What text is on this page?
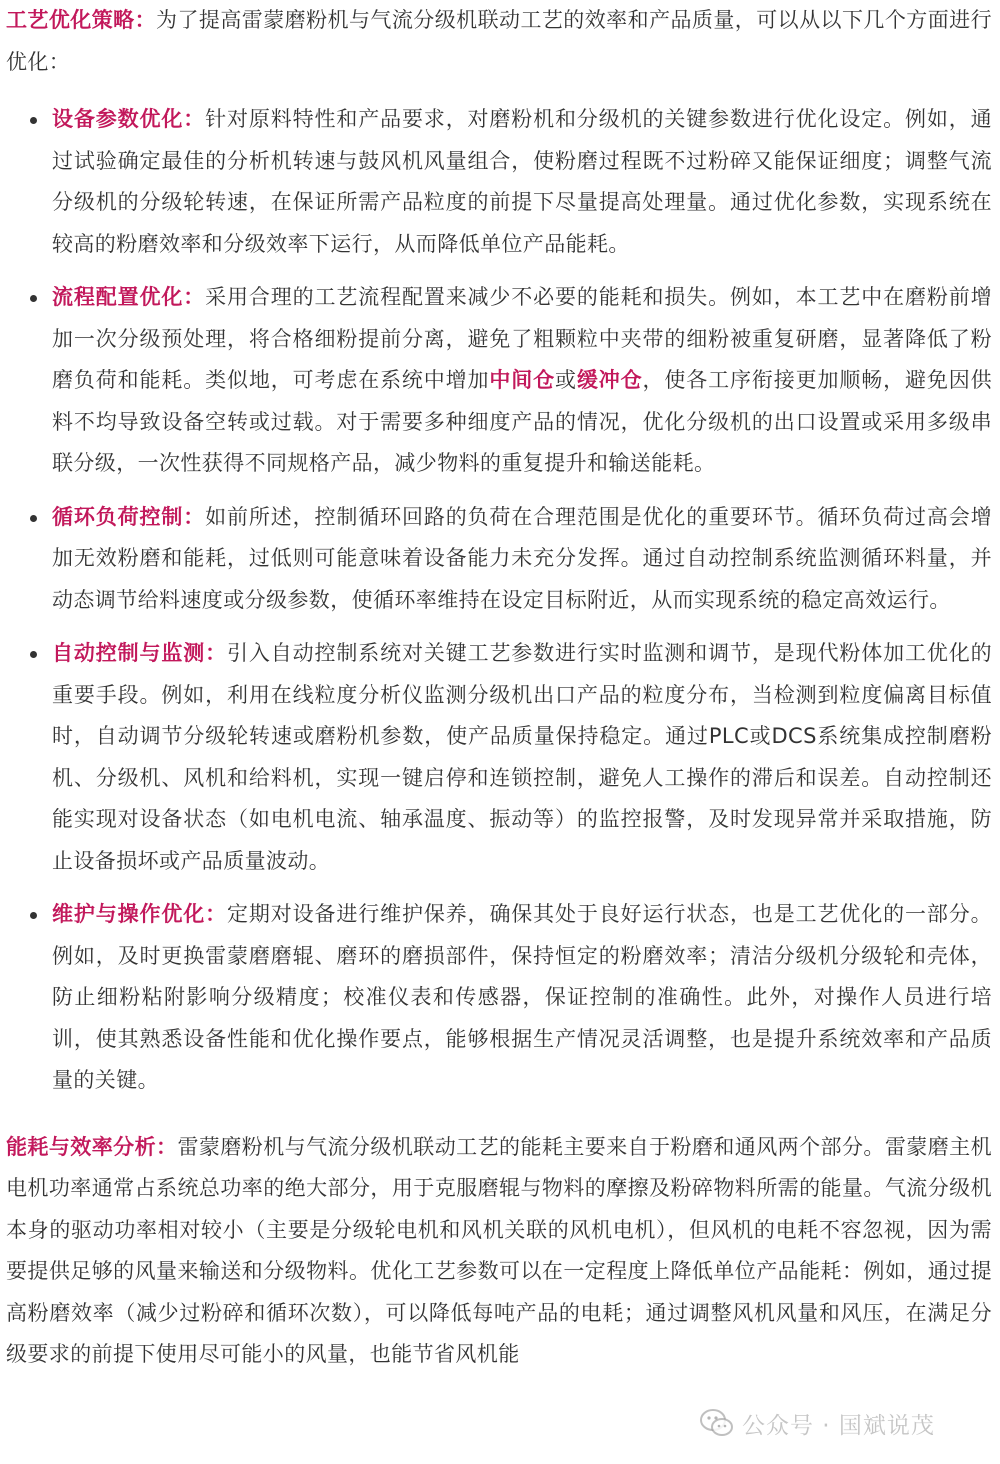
工艺优化策略：为了提高雷蒙磨粉机与气流分级机联动工艺的效率和产品质量，可以从以下几个方面进行优化：

设备参数优化：针对原料特性和产品要求，对磨粉机和分级机的关键参数进行优化设定。例如，通过试验确定最佳的分析机转速与鼓风机风量组合，使粉磨过程既不过粉碎又能保证细度；调整气流分级机的分级轮转速，在保证所需产品粒度的前提下尽量提高处理量。通过优化参数，实现系统在较高的粉磨效率和分级效率下运行，从而降低单位产品能耗。
流程配置优化：采用合理的工艺流程配置来减少不必要的能耗和损失。例如，本工艺中在磨粉前增加一次分级预处理，将合格细粉提前分离，避免了粗颗粒中夹带的细粉被重复研磨，显著降低了粉磨负荷和能耗。类似地，可考虑在系统中增加中间仓或缓冲仓，使各工序衔接更加顺畅，避免因供料不均导致设备空转或过载。对于需要多种细度产品的情况，优化分级机的出口设置或采用多级串联分级，一次性获得不同规格产品，减少物料的重复提升和输送能耗。
循环负荷控制：如前所述，控制循环回路的负荷在合理范围是优化的重要环节。循环负荷过高会增加无效粉磨和能耗，过低则可能意味着设备能力未充分发挥。通过自动控制系统监测循环料量，并动态调节给料速度或分级参数，使循环率维持在设定目标附近，从而实现系统的稳定高效运行。
自动控制与监测：引入自动控制系统对关键工艺参数进行实时监测和调节，是现代粉体加工优化的重要手段。例如，利用在线粒度分析仪监测分级机出口产品的粒度分布，当检测到粒度偏离目标值时，自动调节分级轮转速或磨粉机参数，使产品质量保持稳定。通过PLC或DCS系统集成控制磨粉机、分级机、风机和给料机，实现一键启停和连锁控制，避免人工操作的滞后和误差。自动控制还能实现对设备状态（如电机电流、轴承温度、振动等）的监控报警，及时发现异常并采取措施，防止设备损坏或产品质量波动。
维护与操作优化：定期对设备进行维护保养，确保其处于良好运行状态，也是工艺优化的一部分。例如，及时更换雷蒙磨磨辊、磨环的磨损部件，保持恒定的粉磨效率；清洁分级机分级轮和壳体，防止细粉粘附影响分级精度；校准仪表和传感器，保证控制的准确性。此外，对操作人员进行培训，使其熟悉设备性能和优化操作要点，能够根据生产情况灵活调整，也是提升系统效率和产品质量的关键。

能耗与效率分析：雷蒙磨粉机与气流分级机联动工艺的能耗主要来自于粉磨和通风两个部分。雷蒙磨主机电机功率通常占系统总功率的绝大部分，用于克服磨辊与物料的摩擦及粉碎物料所需的能量。气流分级机本身的驱动功率相对较小（主要是分级轮电机和风机关联的风机电机），但风机的电耗不容忽视，因为需要提供足够的风量来输送和分级物料。优化工艺参数可以在一定程度上降低单位产品能耗：例如，通过提高粉磨效率（减少过粉碎和循环次数），可以降低每吨产品的电耗；通过调整风机风量和风压，在满足分级要求的前提下使用尽可能小的风量，也能节省风机能

公众号 · 国斌说茂
